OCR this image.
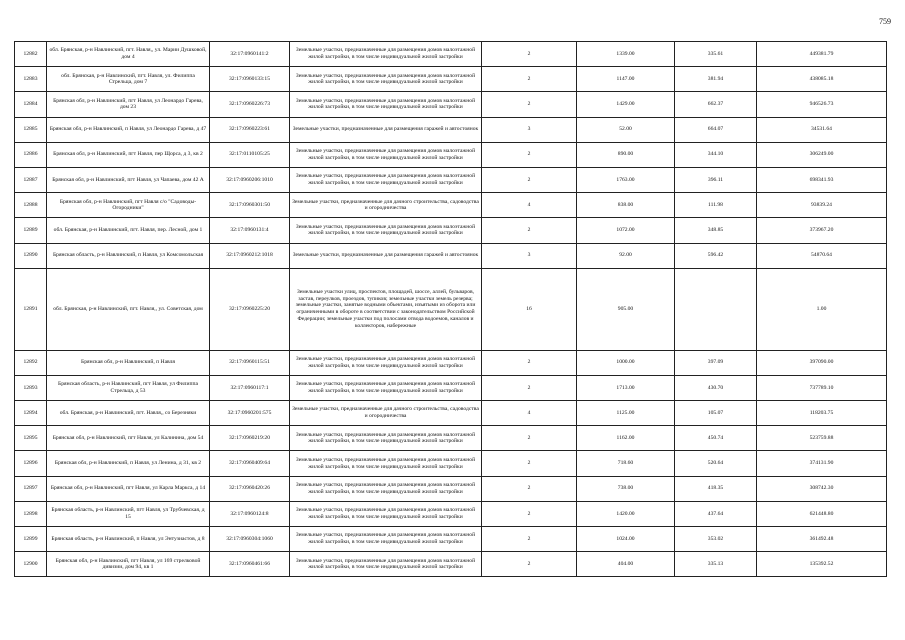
759
12882	обл. Брянская, р-н Навлинский, пгт. Навля,, ул. Марии Душковой, дом 4	32:17:0960141:2	Земельные участки, предназначенные для размещения домов малоэтажной жилой застройки, в том числе индивидуальной жилой застройки	2	1339.00	335.61	449381.79
12883	обл. Брянская, р-н Навлинский, пгт. Навля, ул. Филиппа Стрельца, дом 7	32:17:0960133:15	Земельные участки, предназначенные для размещения домов малоэтажной жилой застройки, в том числе индивидуальной жилой застройки	2	1147.00	381.94	438085.18
12884	Брянская обл, р-н Навлинский, пгт Навля, ул Леонардо Гарева, дом 23	32:17:0960226:73	Земельные участки, предназначенные для размещения домов малоэтажной жилой застройки, в том числе индивидуальной жилой застройки	2	1429.00	662.37	946526.73
12885	Брянская обл, р-н Навлинский, п Навля, ул Леонардо Гарева, д 47	32:17:0960223:61	Земельные участки, предназначенные для размещения гаражей и автостоянок	3	52.00	664.07	34531.64
12886	Брянская обл, р-н Навлинский, пгт Навля, пер Щорса, д 3, кв 2	32:17:0110105:25	Земельные участки, предназначенные для размещения домов малоэтажной жилой застройки, в том числе индивидуальной жилой застройки	2	890.00	344.10	306249.00
12887	Брянская обл, р-н Навлинский, пгт Навля, ул Чапаева, дом 42 А	32:17:0960206:1010	Земельные участки, предназначенные для размещения домов малоэтажной жилой застройки, в том числе индивидуальной жилой застройки	2	1763.00	396.11	698341.93
12888	Брянская обл, р-н Навлинский, пгт Навля с/о "Садоводы-Огородники"	32:17:0960301:50	Земельные участки, предназначенные для дачного строительства, садоводства и огородничества	4	838.00	111.98	93839.24
12889	обл. Брянская, р-н Навлинский, пгт. Навля, пер. Лесной, дом 1	32:17:0960131:4	Земельные участки, предназначенные для размещения домов малоэтажной жилой застройки, в том числе индивидуальной жилой застройки	2	1072.00	348.85	373967.20
12890	Брянская область, р-н Навлинский, п Навля, ул Комсомольская	32:17:0960212:1018	Земельные участки, предназначенные для размещения гаражей и автостоянок	3	92.00	596.42	54870.64
12891	обл. Брянская, р-н Навлинский, пгт. Навля,, ул. Советская, дом	32:17:0960225:20	Земельные участки улиц, проспектов, площадей, шоссе, аллей, бульваров, застав, переулков, проездов, тупиков; земельные участки земель резерва; земельные участки, занятые водными объектами, изъятыми из оборота или ограниченными в обороте в соответствии с законодательством Российской Федерации; земельные участки под полосами отвода водоемов, каналов и коллекторов, набережные	16	905.00		1.00
12892	Брянская обл, р-н Навлинский, п Навля	32:17:0960115:51	Земельные участки, предназначенные для размещения домов малоэтажной жилой застройки, в том числе индивидуальной жилой застройки	2	1000.00	397.09	397090.00
12893	Брянская область, р-н Навлинский, пгт Навля, ул Филиппа Стрельца, д 53	32:17:0960117:1	Земельные участки, предназначенные для размещения домов малоэтажной жилой застройки, в том числе индивидуальной жилой застройки	2	1713.00	430.70	737789.10
12894	обл. Брянская, р-н Навлинский, пгт. Навля,, со Березняки	32:17:0960201:575	Земельные участки, предназначенные для дачного строительства, садоводства и огородничества	4	1125.00	105.07	118203.75
12895	Брянская обл, р-н Навлинский, пгт Навля, ул Калинина, дом 54	32:17:0960219:20	Земельные участки, предназначенные для размещения домов малоэтажной жилой застройки, в том числе индивидуальной жилой застройки	2	1162.00	450.74	523759.88
12896	Брянская обл, р-н Навлинский, п Навля, ул Ленина, д 31, кв 2	32:17:0960409:64	Земельные участки, предназначенные для размещения домов малоэтажной жилой застройки, в том числе индивидуальной жилой застройки	2	718.60	520.64	374131.90
12897	Брянская обл, р-н Навлинский, пгт Навля, ул Карла Маркса, д 14	32:17:0960420:26	Земельные участки, предназначенные для размещения домов малоэтажной жилой застройки, в том числе индивидуальной жилой застройки	2	738.00	418.35	308742.30
12898	Брянская область, р-н Навлинский, пгт Навля, ул Трубчевская, д 15	32:17:0960124:8	Земельные участки, предназначенные для размещения домов малоэтажной жилой застройки, в том числе индивидуальной жилой застройки	2	1420.00	437.64	621448.80
12899	Брянская область, р-н Навлинский, п Навля, ул Энтузиастов, д 8	32:17:0960304:1060	Земельные участки, предназначенные для размещения домов малоэтажной жилой застройки, в том числе индивидуальной жилой застройки	2	1024.00	353.02	361492.48
12900	Брянская обл, р-н Навлинский, пгт Навля, ул 169 стрелковой дивизии, дом 94, кв 1	32:17:0960461:66	Земельные участки, предназначенные для размещения домов малоэтажной жилой застройки, в том числе индивидуальной жилой застройки	2	404.00	335.13	135392.52
